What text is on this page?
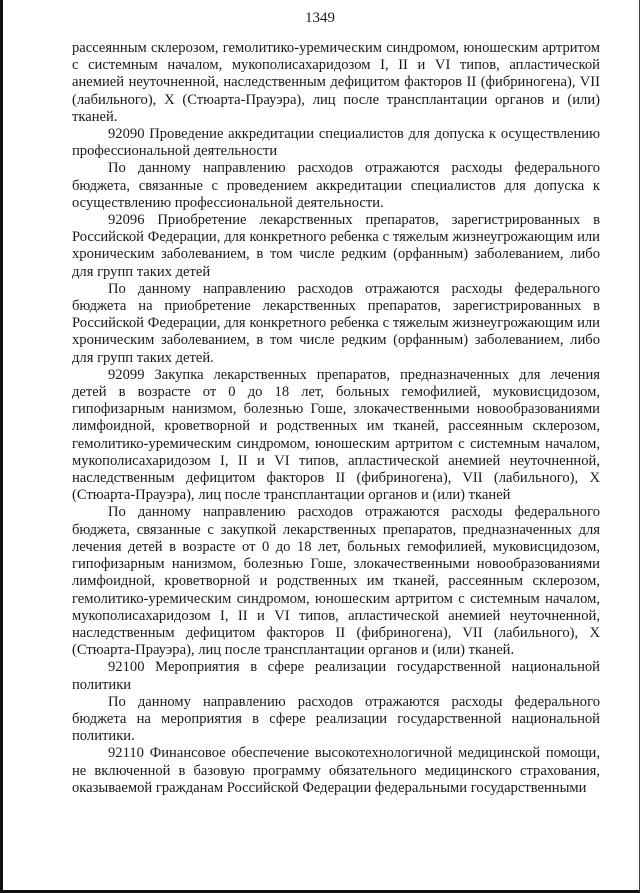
1349

рассеянным склерозом, гемолитико-уремическим синдромом, юношеским артритом с системным началом, мукополисахаридозом I, II и VI типов, апластической анемией неуточненной, наследственным дефицитом факторов II (фибриногена), VII (лабильного), X (Стюарта-Прауэра), лиц после трансплантации органов и (или) тканей.

92090 Проведение аккредитации специалистов для допуска к осуществлению профессиональной деятельности

По данному направлению расходов отражаются расходы федерального бюджета, связанные с проведением аккредитации специалистов для допуска к осуществлению профессиональной деятельности.

92096 Приобретение лекарственных препаратов, зарегистрированных в Российской Федерации, для конкретного ребенка с тяжелым жизнеугрожающим или хроническим заболеванием, в том числе редким (орфанным) заболеванием, либо для групп таких детей

По данному направлению расходов отражаются расходы федерального бюджета на приобретение лекарственных препаратов, зарегистрированных в Российской Федерации, для конкретного ребенка с тяжелым жизнеугрожающим или хроническим заболеванием, в том числе редким (орфанным) заболеванием, либо для групп таких детей.

92099 Закупка лекарственных препаратов, предназначенных для лечения детей в возрасте от 0 до 18 лет, больных гемофилией, муковисцидозом, гипофизарным нанизмом, болезнью Гоше, злокачественными новообразованиями лимфоидной, кроветворной и родственных им тканей, рассеянным склерозом, гемолитико-уремическим синдромом, юношеским артритом с системным началом, мукополисахаридозом I, II и VI типов, апластической анемией неуточненной, наследственным дефицитом факторов II (фибриногена), VII (лабильного), X (Стюарта-Прауэра), лиц после трансплантации органов и (или) тканей

По данному направлению расходов отражаются расходы федерального бюджета, связанные с закупкой лекарственных препаратов, предназначенных для лечения детей в возрасте от 0 до 18 лет, больных гемофилией, муковисцидозом, гипофизарным нанизмом, болезнью Гоше, злокачественными новообразованиями лимфоидной, кроветворной и родственных им тканей, рассеянным склерозом, гемолитико-уремическим синдромом, юношеским артритом с системным началом, мукополисахаридозом I, II и VI типов, апластической анемией неуточненной, наследственным дефицитом факторов II (фибриногена), VII (лабильного), X (Стюарта-Прауэра), лиц после трансплантации органов и (или) тканей.

92100 Мероприятия в сфере реализации государственной национальной политики

По данному направлению расходов отражаются расходы федерального бюджета на мероприятия в сфере реализации государственной национальной политики.

92110 Финансовое обеспечение высокотехнологичной медицинской помощи, не включенной в базовую программу обязательного медицинского страхования, оказываемой гражданам Российской Федерации федеральными государственными
